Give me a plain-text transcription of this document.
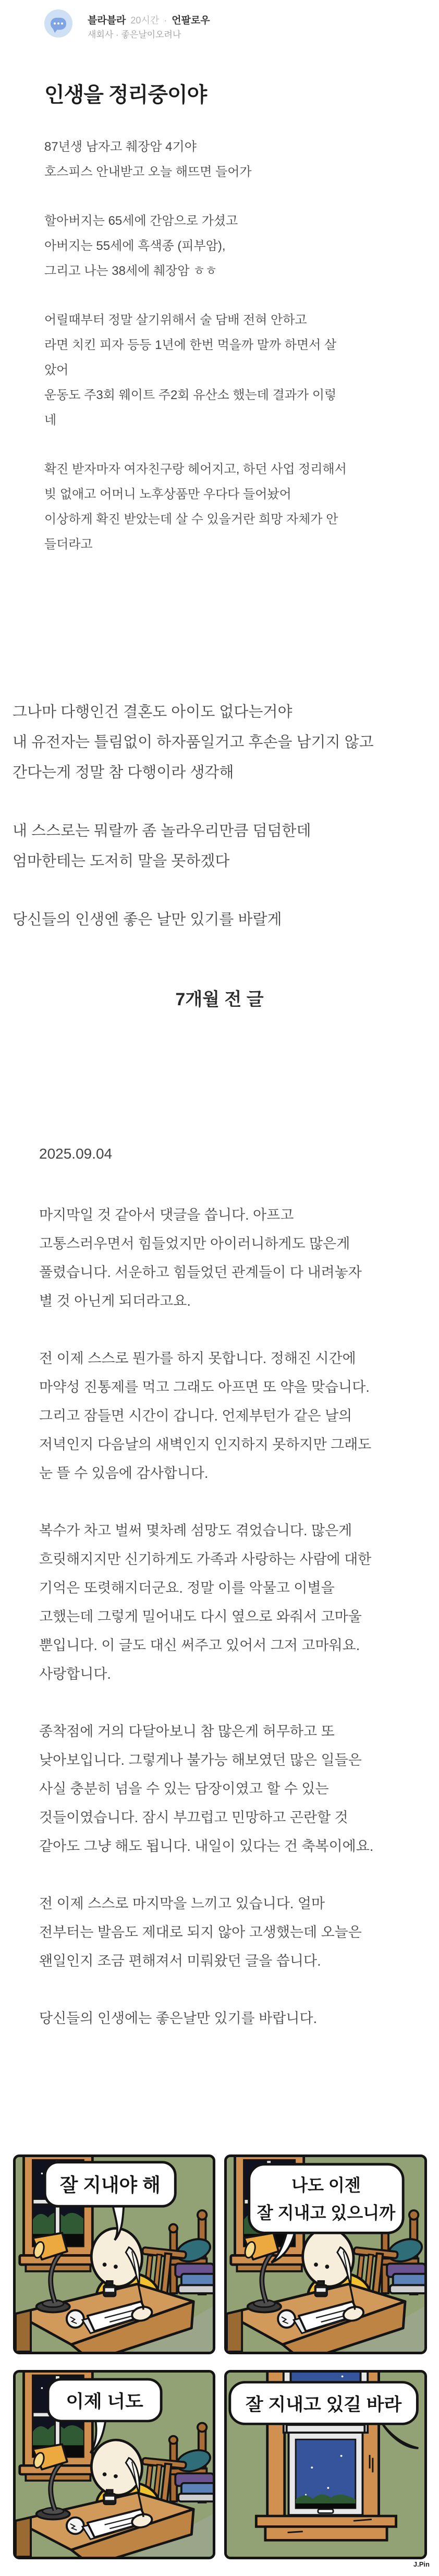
블라블라 20시간 · 언팔로우
새회사 · 좋은날이오려나
인생을 정리중이야

87년생 남자고 췌장암 4기야

호스피스 안내받고 오늘 해뜨면 들어가

할아버지는 65세에 간암으로 가셨고

아버지는 55세에 흑색종 (피부암),

그리고 나는 38세에 췌장암 ㅎㅎ

어릴때부터 정말 살기위해서 술 담배 전혀 안하고

라면 치킨 피자 등등 1년에 한번 먹을까 말까 하면서 살

았어

운동도 주3회 웨이트 주2회 유산소 했는데 결과가 이렇

네

확진 받자마자 여자친구랑 헤어지고, 하던 사업 정리해서

빚 없애고 어머니 노후상품만 우다다 들어놨어

이상하게 확진 받았는데 살 수 있을거란 희망 자체가 안

들더라고

그나마 다행인건 결혼도 아이도 없다는거야

내 유전자는 틀림없이 하자품일거고 후손을 남기지 않고

간다는게 정말 참 다행이라 생각해

내 스스로는 뭐랄까 좀 놀라우리만큼 덤덤한데

엄마한테는 도저히 말을 못하겠다

당신들의 인생엔 좋은 날만 있기를 바랄게

7개월 전 글
2025.09.04

마지막일 것 같아서 댓글을 씁니다. 아프고

고통스러우면서 힘들었지만 아이러니하게도 많은게

풀렸습니다. 서운하고 힘들었던 관계들이 다 내려놓자

별 것 아닌게 되더라고요.

전 이제 스스로 뭔가를 하지 못합니다. 정해진 시간에

마약성 진통제를 먹고 그래도 아프면 또 약을 맞습니다.

그리고 잠들면 시간이 갑니다. 언제부턴가 같은 날의

저녁인지 다음날의 새벽인지 인지하지 못하지만 그래도

눈 뜰 수 있음에 감사합니다.

복수가 차고 벌써 몇차례 섬망도 겪었습니다. 많은게

흐릿해지지만 신기하게도 가족과 사랑하는 사람에 대한

기억은 또렷해지더군요. 정말 이를 악물고 이별을

고했는데 그렇게 밀어내도 다시 옆으로 와줘서 고마울

뿐입니다. 이 글도 대신 써주고 있어서 그저 고마워요.

사랑합니다.

종착점에 거의 다달아보니 참 많은게 허무하고 또

낮아보입니다. 그렇게나 불가능 해보였던 많은 일들은

사실 충분히 넘을 수 있는 담장이였고 할 수 있는

것들이였습니다. 잠시 부끄럽고 민망하고 곤란할 것

같아도 그냥 해도 됩니다. 내일이 있다는 건 축복이에요.

전 이제 스스로 마지막을 느끼고 있습니다. 얼마

전부터는 발음도 제대로 되지 않아 고생했는데 오늘은

왠일인지 조금 편해져서 미뤄왔던 글을 씁니다.

당신들의 인생에는 좋은날만 있기를 바랍니다.

잘 지내야 해	나도 이젠
잘 지내고 있으니까
이제 너도	잘 지내고 있길 바라
J.Pin
